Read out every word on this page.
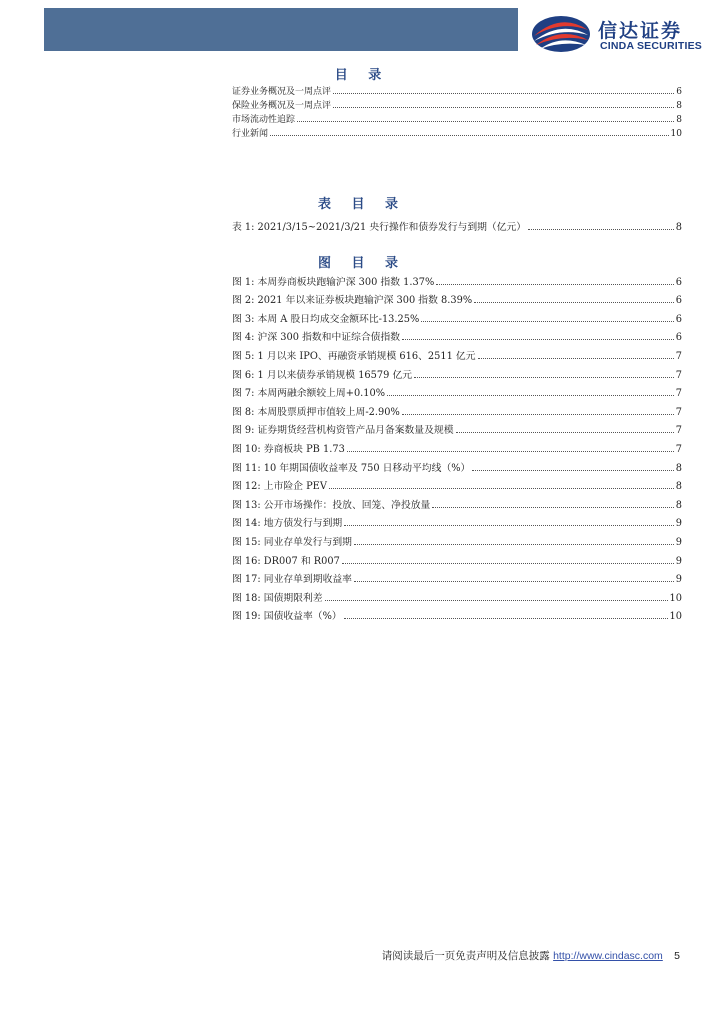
信达证券
CINDA SECURITIES
目 录
证券业务概况及一周点评	6
保险业务概况及一周点评	8
市场流动性追踪	8
行业新闻	10
表 目 录
表 1: 2021/3/15~2021/3/21 央行操作和债券发行与到期（亿元）	8
图 目 录
图 1: 本周券商板块跑输沪深 300 指数 1.37%	6
图 2: 2021 年以来证券板块跑输沪深 300 指数 8.39%	6
图 3: 本周 A 股日均成交金额环比-13.25%	6
图 4: 沪深 300 指数和中证综合债指数	6
图 5: 1 月以来 IPO、再融资承销规模 616、2511 亿元	7
图 6: 1 月以来债券承销规模 16579 亿元	7
图 7: 本周两融余额较上周+0.10%	7
图 8: 本周股票质押市值较上周-2.90%	7
图 9: 证券期货经营机构资管产品月备案数量及规模	7
图 10: 券商板块 PB 1.73	7
图 11: 10 年期国债收益率及 750 日移动平均线（%）	8
图 12: 上市险企 PEV	8
图 13: 公开市场操作：投放、回笼、净投放量	8
图 14: 地方债发行与到期	9
图 15: 同业存单发行与到期	9
图 16: DR007 和 R007	9
图 17: 同业存单到期收益率	9
图 18: 国债期限利差	10
图 19: 国债收益率（%）	10
请阅读最后一页免责声明及信息披露 http://www.cindasc.com 5
